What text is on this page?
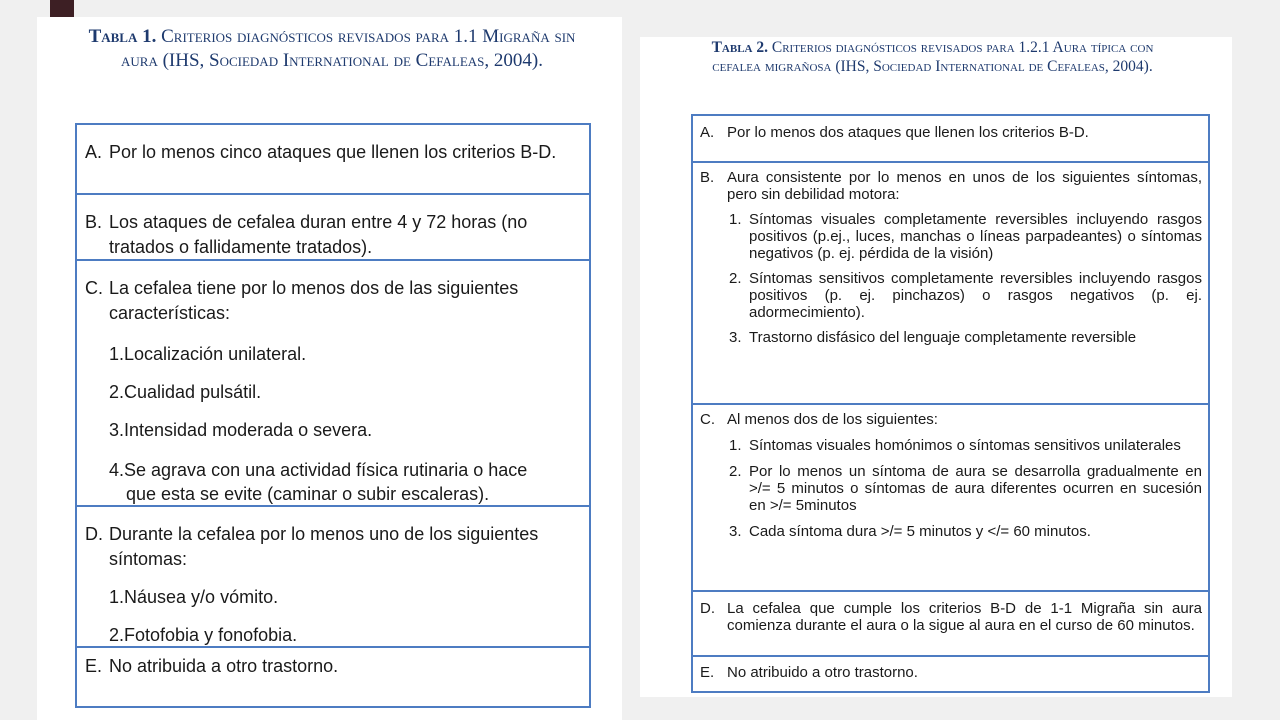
Tabla 1. Criterios diagnósticos revisados para 1.1 Migraña sin aura (IHS, Sociedad International de Cefaleas, 2004).
A. Por lo menos cinco ataques que llenen los criterios B-D.
B. Los ataques de cefalea duran entre 4 y 72 horas (no tratados o fallidamente tratados).
C. La cefalea tiene por lo menos dos de las siguientes características:
1.Localización unilateral.
2.Cualidad pulsátil.
3.Intensidad moderada o severa.
4.Se agrava con una actividad física rutinaria o hace
que esta se evite (caminar o subir escaleras).
D. Durante la cefalea por lo menos uno de los siguientes síntomas:
1.Náusea y/o vómito.
2.Fotofobia y fonofobia.
E. No atribuida a otro trastorno.
Tabla 2. Criterios diagnósticos revisados para 1.2.1 Aura típica con cefalea migrañosa (IHS, Sociedad International de Cefaleas, 2004).
A. Por lo menos dos ataques que llenen los criterios B-D.
B. Aura consistente por lo menos en unos de los siguientes síntomas, pero sin debilidad motora:
1. Síntomas visuales completamente reversibles incluyendo rasgos positivos (p.ej., luces, manchas o líneas parpadeantes) o síntomas negativos (p. ej. pérdida de la visión)
2. Síntomas sensitivos completamente reversibles incluyendo rasgos positivos (p. ej. pinchazos) o rasgos negativos (p. ej. adormecimiento).
3. Trastorno disfásico del lenguaje completamente reversible
C. Al menos dos de los siguientes:
1. Síntomas visuales homónimos o síntomas sensitivos unilaterales
2. Por lo menos un síntoma de aura se desarrolla gradualmente en >/= 5 minutos o síntomas de aura diferentes ocurren en sucesión en >/= 5minutos
3. Cada síntoma dura >/= 5 minutos y </= 60 minutos.
D. La cefalea que cumple los criterios B-D de 1-1 Migraña sin aura comienza durante el aura o la sigue al aura en el curso de 60 minutos.
E. No atribuido a otro trastorno.
